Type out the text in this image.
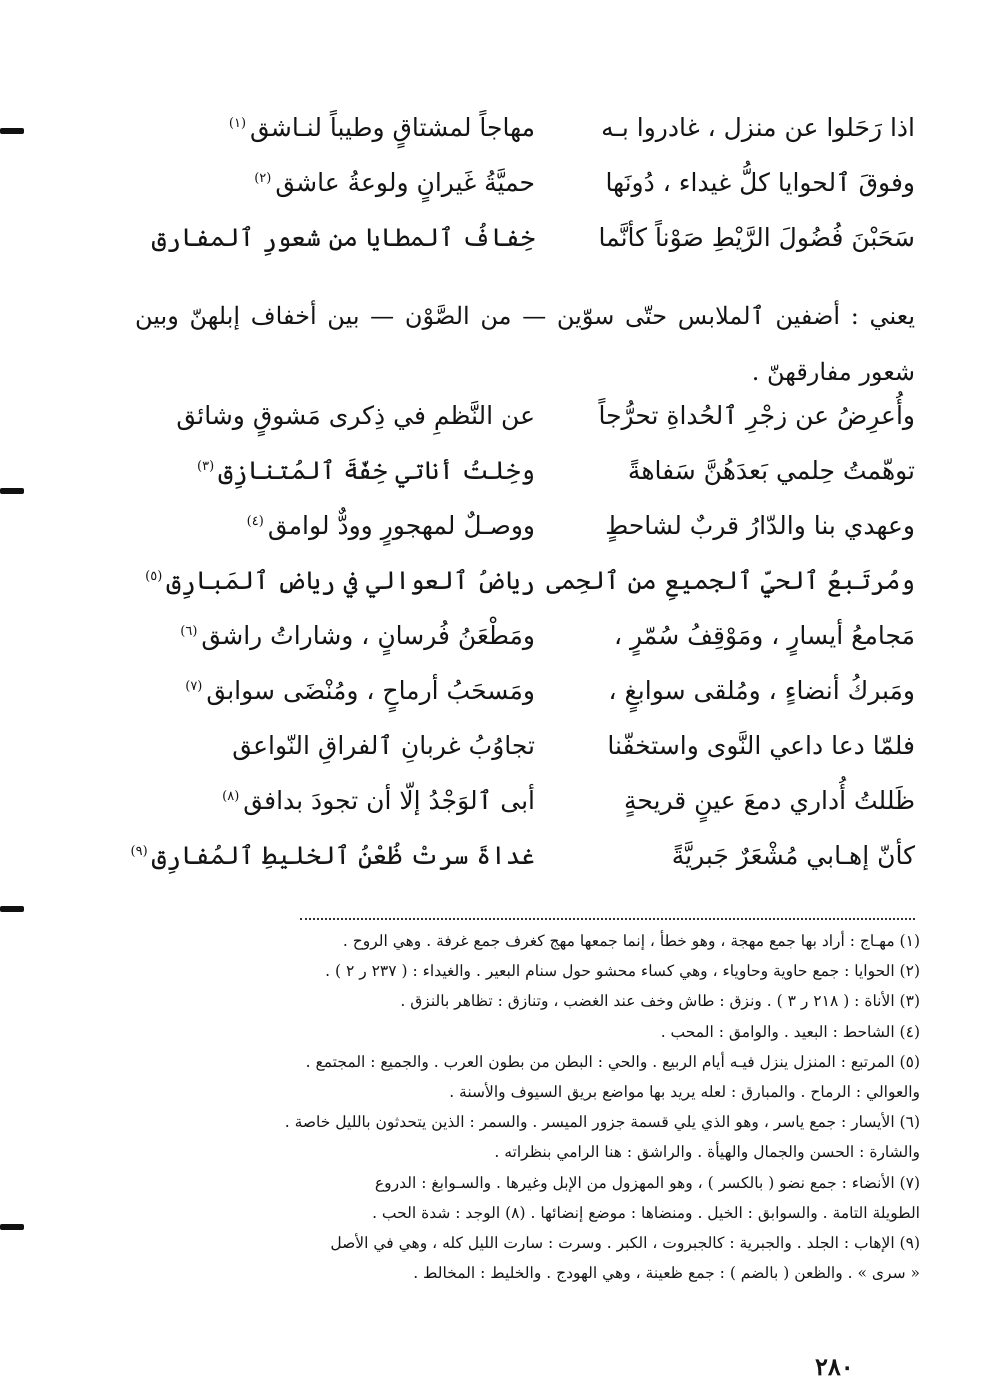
اذا رَحَلوا عن منزل ، غادروا بـه
مهاجاً لمشتاقٍ وطيباً لنـاشق$^{(١)}$
وفوقَ ٱلحوايا كلُّ غيداء ، دُونَها
حميَّةُ غَيرانٍ ولوعةُ عاشق$^{(٢)}$
سَحَبْنَ فُضُولَ الرَّيْطِ صَوْناً كأنَّما
خِفافُ ٱلمطايا من شعورِ ٱلمفارق
يعني : أضفين ٱلملابس حتّى سوّين — من الصَّوْن — بين أخفاف إبلهنّ وبين شعور مفارقهنّ .
وأُعرِضُ عن زجْرِ ٱلحُداةِ تحرُّجاً
عن النَّظمِ في ذِكرى مَشوقٍ وشائق
توهّمتُ حِلمي بَعدَهُنَّ سَفاهةً
وخِلتُ أناتي خِفّةَ ٱلمُتنازِق$^{(٣)}$
وعهدي بنا والدّارُ قربٌ لشاحطٍ
ووصـلٌ لمهجورٍ وودٌّ لوامق$^{(٤)}$
ومُرتَبعُ ٱلحيِّ ٱلجميعِ من ٱلحِمى
رياضُ ٱلعوالي في رياضِ ٱلمَبارِق$^{(٥)}$
مَجامعُ أيسارٍ ، ومَوْقِفُ سُمّرٍ ،
ومَطْعَنُ فُرسانٍ ، وشاراتُ راشق$^{(٦)}$
ومَبركُ أنضاءٍ ، ومُلقى سوابغٍ ،
ومَسحَبُ أرماحٍ ، ومُنْضَى سوابق$^{(٧)}$
فلمّا دعا داعي النَّوى واستخفّنا
تجاوُبُ غربانِ ٱلفراقِ النّواعق
ظَللتُ أُداري دمعَ عينٍ قريحةٍ
أبى ٱلوَجْدُ إلّا أن تجودَ بدافق$^{(٨)}$
كأنّ إهـابي مُشْعَرٌ جَبريَّةً
غداةَ سرتْ ظُعْنُ ٱلخليطِ ٱلمُفارِق$^{(٩)}$
(١) مهـاج : أراد بها جمع مهجة ، وهو خطأ ، إنما جمعها مهج كغرف جمع غرفة . وهي الروح .
(٢) الحوايا : جمع حاوية وحاوياء ، وهي كساء محشو حول سنام البعير . والغيداء : ( ٢٣٧ ر ٢ ) .
(٣) الأناة : ( ٢١٨ ر ٣ ) . ونزق : طاش وخف عند الغضب ، وتنازق : تظاهر بالنزق .
(٤) الشاحط : البعيد . والوامق : المحب .
(٥) المرتبع : المنزل ينزل فيـه أيام الربيع . والحي : البطن من بطون العرب . والجميع : المجتمع .
والعوالي : الرماح . والمبارق : لعله يريد بها مواضع بريق السيوف والأسنة .
(٦) الأيسار : جمع ياسر ، وهو الذي يلي قسمة جزور الميسر . والسمر : الذين يتحدثون بالليل خاصة .
والشارة : الحسن والجمال والهيأة . والراشق : هنا الرامي بنظراته .
(٧) الأنضاء : جمع نضو ( بالكسر ) ، وهو المهزول من الإبل وغيرها . والسـوابغ : الدروع
الطويلة التامة . والسوابق : الخيل . ومنضاها : موضع إنضائها . (٨) الوجد : شدة الحب .
(٩) الإهاب : الجلد . والجبرية : كالجبروت ، الكبر . وسرت : سارت الليل كله ، وهي في الأصل
« سرى » . والظعن ( بالضم ) : جمع ظعينة ، وهي الهودج . والخليط : المخالط .
٢٨٠
